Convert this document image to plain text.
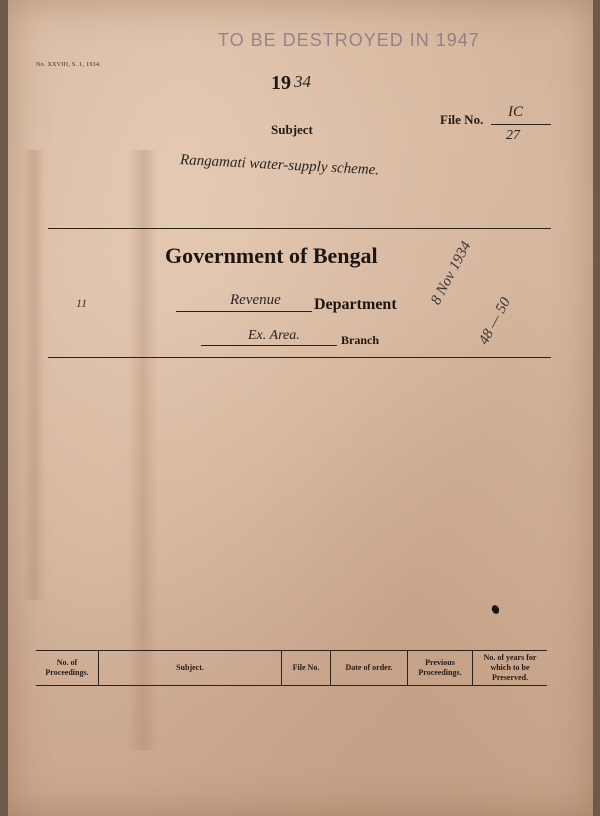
No. XXVIII, S. 1, 1934.
TO BE DESTROYED IN 1947
19 34
File No. IC
27
Subject
Rangamati water-supply scheme.
Government of Bengal
Revenue Department
Ex. Area.	Branch
8 Nov 1934
48 — 50
11
No. of Proceedings.	Subject.	File No.	Date of order.	Previous Proceedings.	No. of years for which to be Preserved.
